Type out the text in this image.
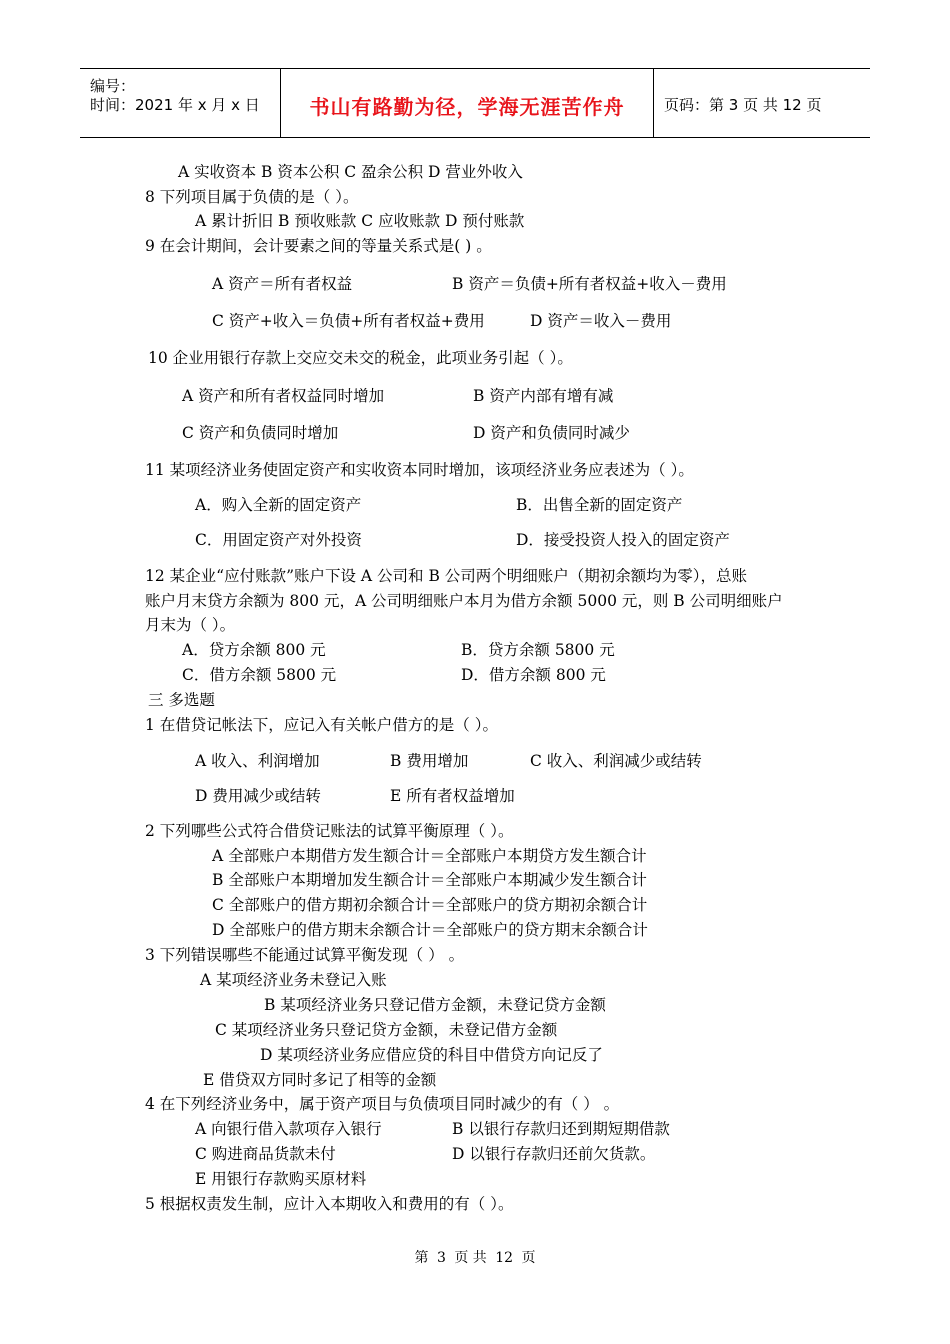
编号：
时间：2021 年 x 月 x 日	书山有路勤为径，学海无涯苦作舟	页码：第 3 页 共 12 页
A 实收资本 B 资本公积 C 盈余公积 D 营业外收入
8 下列项目属于负债的是（ ）。
A 累计折旧 B 预收账款 C 应收账款 D 预付账款
9 在会计期间，会计要素之间的等量关系式是( ) 。
A 资产＝所有者权益	B 资产＝负债+所有者权益+收入－费用
C 资产+收入＝负债+所有者权益+费用	D 资产＝收入－费用
10 企业用银行存款上交应交未交的税金，此项业务引起（ ）。
A 资产和所有者权益同时增加	B 资产内部有增有减
C 资产和负债同时增加	D 资产和负债同时减少
11 某项经济业务使固定资产和实收资本同时增加，该项经济业务应表述为（ ）。
A．购入全新的固定资产	B．出售全新的固定资产
C．用固定资产对外投资	D．接受投资人投入的固定资产
12 某企业“应付账款”账户下设 A 公司和 B 公司两个明细账户（期初余额均为零），总账
账户月末贷方余额为 800 元，A 公司明细账户本月为借方余额 5000 元，则 B 公司明细账户
月末为（ ）。
A．贷方余额 800 元	B．贷方余额 5800 元
C．借方余额 5800 元	D．借方余额 800 元
三 多选题
1 在借贷记帐法下，应记入有关帐户借方的是（ ）。
A 收入、利润增加	B 费用增加	C 收入、利润减少或结转
D 费用减少或结转	E 所有者权益增加
2 下列哪些公式符合借贷记账法的试算平衡原理（ ）。
A 全部账户本期借方发生额合计＝全部账户本期贷方发生额合计
B 全部账户本期增加发生额合计＝全部账户本期减少发生额合计
C 全部账户的借方期初余额合计＝全部账户的贷方期初余额合计
D 全部账户的借方期末余额合计＝全部账户的贷方期末余额合计
3 下列错误哪些不能通过试算平衡发现（ ） 。
A 某项经济业务未登记入账
B 某项经济业务只登记借方金额，未登记贷方金额
C 某项经济业务只登记贷方金额，未登记借方金额
D 某项经济业务应借应贷的科目中借贷方向记反了
E 借贷双方同时多记了相等的金额
4 在下列经济业务中，属于资产项目与负债项目同时减少的有（ ） 。
A 向银行借入款项存入银行	B 以银行存款归还到期短期借款
C 购进商品货款未付	D 以银行存款归还前欠货款。
E 用银行存款购买原材料
5 根据权责发生制，应计入本期收入和费用的有（ ）。
第 3 页 共 12 页
